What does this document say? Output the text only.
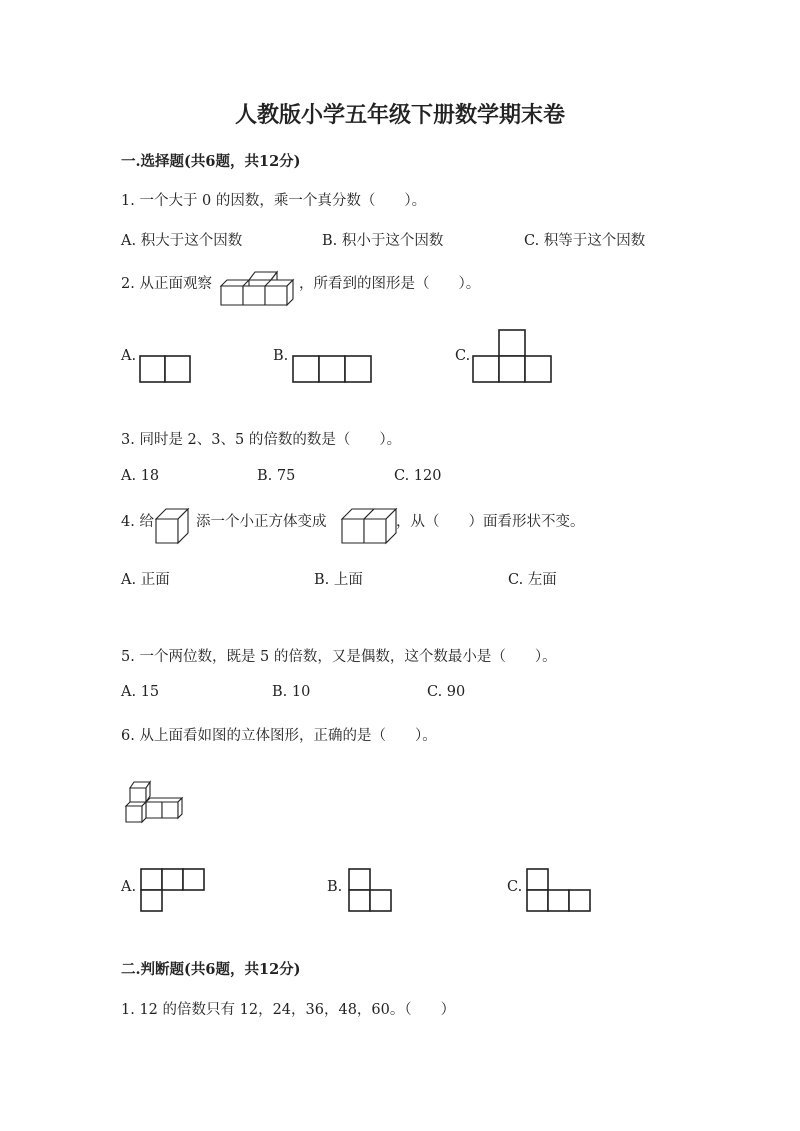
人教版小学五年级下册数学期末卷
一.选择题(共6题，共12分)
1. 一个大于 0 的因数，乘一个真分数（　　）。
A. 积大于这个因数	B. 积小于这个因数	C. 积等于这个因数
2. 从正面观察	，所看到的图形是（　　）。
A.	B.	C.
3. 同时是 2、3、5 的倍数的数是（　　）。
A. 18	B. 75	C. 120
4. 给	添一个小正方体变成	，从（　　）面看形状不变。
A. 正面	B. 上面	C. 左面
5. 一个两位数，既是 5 的倍数，又是偶数，这个数最小是（　　）。
A. 15	B. 10	C. 90
6. 从上面看如图的立体图形，正确的是（　　）。
A.	B.	C.
二.判断题(共6题，共12分)
1. 12 的倍数只有 12，24，36，48，60。（　　）
